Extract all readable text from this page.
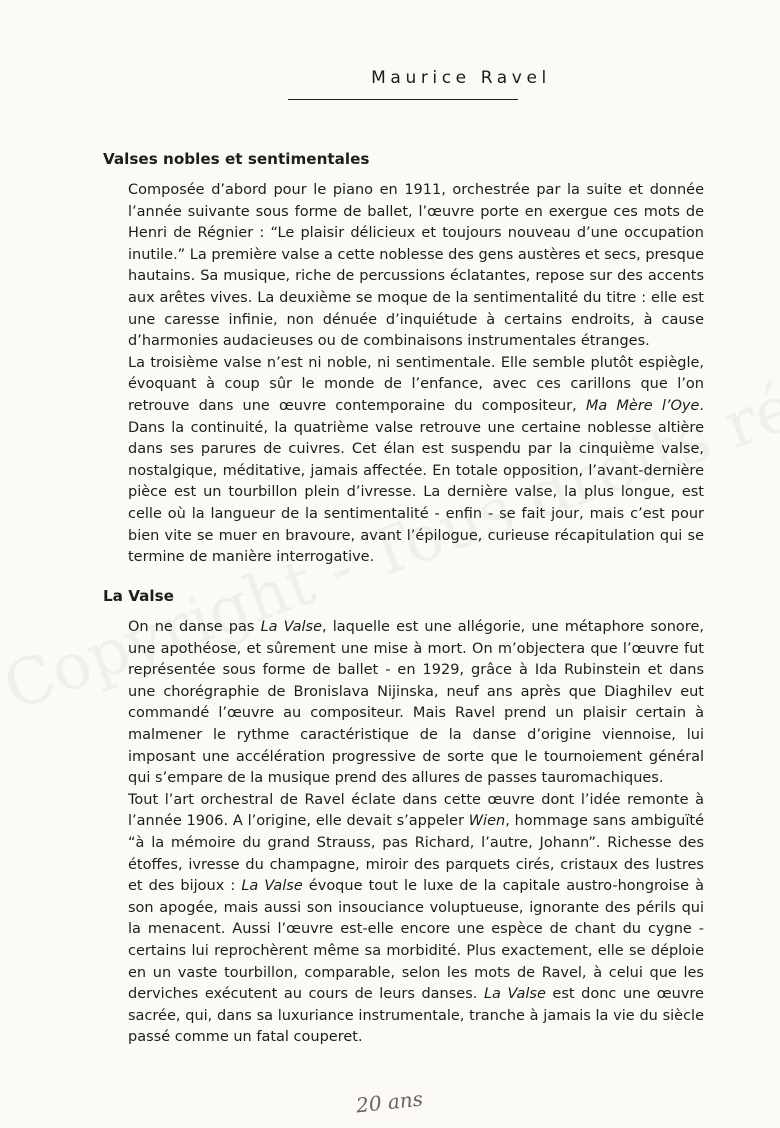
Maurice Ravel
Valses nobles et sentimentales

Composée d’abord pour le piano en 1911, orchestrée par la suite et donnée l’année suivante sous forme de ballet, l’œuvre porte en exergue ces mots de Henri de Régnier : “Le plaisir délicieux et toujours nouveau d’une occupation inutile.” La première valse a cette noblesse des gens austères et secs, presque hautains. Sa musique, riche de percussions éclatantes, repose sur des accents aux arêtes vives. La deuxième se moque de la sentimentalité du titre : elle est une caresse infinie, non dénuée d’inquiétude à certains endroits, à cause d’harmonies audacieuses ou de combinaisons instrumentales étranges.

La troisième valse n’est ni noble, ni sentimentale. Elle semble plutôt espiègle, évoquant à coup sûr le monde de l’enfance, avec ces carillons que l’on retrouve dans une œuvre contemporaine du compositeur, Ma Mère l’Oye. Dans la continuité, la quatrième valse retrouve une certaine noblesse altière dans ses parures de cuivres. Cet élan est suspendu par la cinquième valse, nostalgique, méditative, jamais affectée. En totale opposition, l’avant-dernière pièce est un tourbillon plein d’ivresse. La dernière valse, la plus longue, est celle où la langueur de la sentimentalité - enfin - se fait jour, mais c’est pour bien vite se muer en bravoure, avant l’épilogue, curieuse récapitulation qui se termine de manière interrogative.

La Valse

On ne danse pas La Valse, laquelle est une allégorie, une métaphore sonore, une apothéose, et sûrement une mise à mort. On m’objectera que l’œuvre fut représentée sous forme de ballet - en 1929, grâce à Ida Rubinstein et dans une chorégraphie de Bronislava Nijinska, neuf ans après que Diaghilev eut commandé l’œuvre au compositeur. Mais Ravel prend un plaisir certain à malmener le rythme caractéristique de la danse d’origine viennoise, lui imposant une accélération progressive de sorte que le tournoiement général qui s’empare de la musique prend des allures de passes tauromachiques.

Tout l’art orchestral de Ravel éclate dans cette œuvre dont l’idée remonte à l’année 1906. A l’origine, elle devait s’appeler Wien, hommage sans ambiguïté “à la mémoire du grand Strauss, pas Richard, l’autre, Johann”. Richesse des étoffes, ivresse du champagne, miroir des parquets cirés, cristaux des lustres et des bijoux : La Valse évoque tout le luxe de la capitale austro-hongroise à son apogée, mais aussi son insouciance voluptueuse, ignorante des périls qui la menacent. Aussi l’œuvre est-elle encore une espèce de chant du cygne - certains lui reprochèrent même sa morbidité. Plus exactement, elle se déploie en un vaste tourbillon, comparable, selon les mots de Ravel, à celui que les derviches exécutent au cours de leurs danses. La Valse est donc une œuvre sacrée, qui, dans sa luxuriance instrumentale, tranche à jamais la vie du siècle passé comme un fatal couperet.

20 ans
